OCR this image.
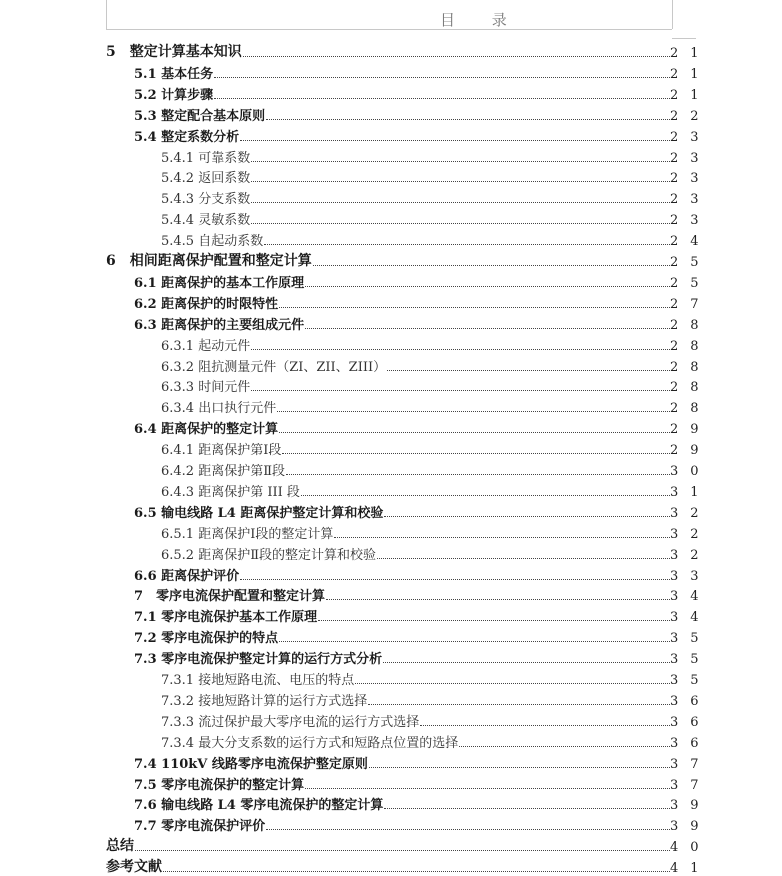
目 录
5　整定计算基本知识	21
5.1 基本任务	21
5.2 计算步骤	21
5.3 整定配合基本原则	22
5.4 整定系数分析	23
5.4.1 可靠系数	23
5.4.2 返回系数	23
5.4.3 分支系数	23
5.4.4 灵敏系数	23
5.4.5 自起动系数	24
6　相间距离保护配置和整定计算	25
6.1 距离保护的基本工作原理	25
6.2 距离保护的时限特性	27
6.3 距离保护的主要组成元件	28
6.3.1 起动元件	28
6.3.2 阻抗测量元件（ZI、ZII、ZIII）	28
6.3.3 时间元件	28
6.3.4 出口执行元件	28
6.4 距离保护的整定计算	29
6.4.1 距离保护第Ⅰ段	29
6.4.2 距离保护第Ⅱ段	30
6.4.3 距离保护第 III 段	31
6.5 输电线路 L4 距离保护整定计算和校验	32
6.5.1 距离保护Ⅰ段的整定计算	32
6.5.2 距离保护Ⅱ段的整定计算和校验	32
6.6 距离保护评价	33
7　零序电流保护配置和整定计算	34
7.1 零序电流保护基本工作原理	34
7.2 零序电流保护的特点	35
7.3 零序电流保护整定计算的运行方式分析	35
7.3.1 接地短路电流、电压的特点	35
7.3.2 接地短路计算的运行方式选择	36
7.3.3 流过保护最大零序电流的运行方式选择	36
7.3.4 最大分支系数的运行方式和短路点位置的选择	36
7.4 110kV 线路零序电流保护整定原则	37
7.5 零序电流保护的整定计算	37
7.6 输电线路 L4 零序电流保护的整定计算	39
7.7 零序电流保护评价	39
总结	40
参考文献	41
